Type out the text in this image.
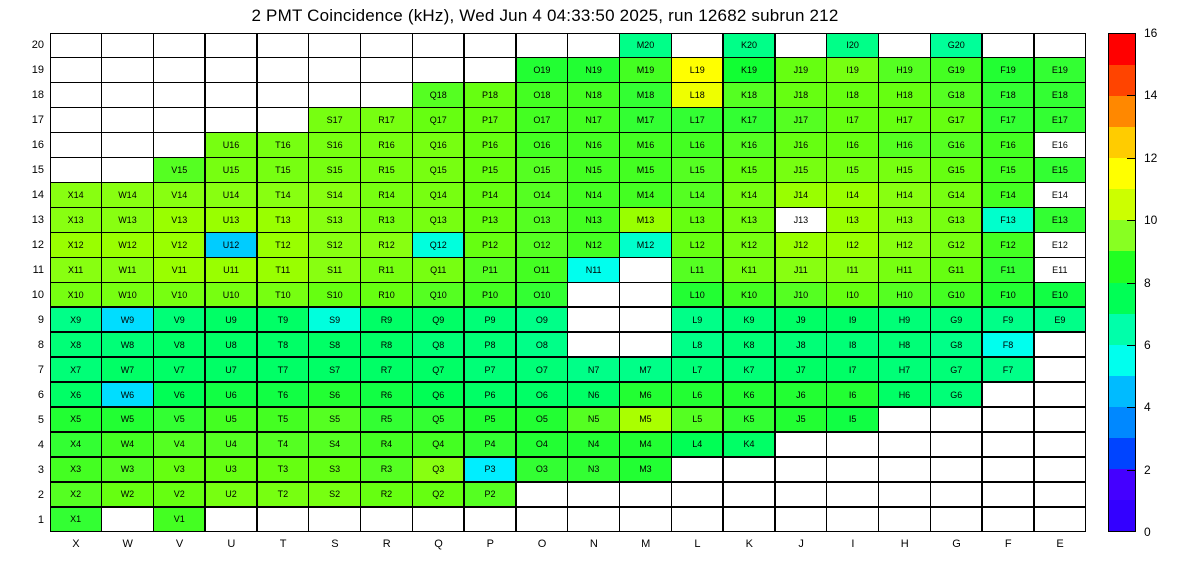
2 PMT Coincidence (kHz), Wed Jun 4 04:33:50 2025, run 12682 subrun 212
20
19
18
17
16
15
14
13
12
11
10
9
8
7
6
5
4
3
2
1
M20	K20	I20	G20
O19	N19	M19	L19	K19	J19	I19	H19	G19	F19	E19
Q18	P18	O18	N18	M18	L18	K18	J18	I18	H18	G18	F18	E18
S17	R17	Q17	P17	O17	N17	M17	L17	K17	J17	I17	H17	G17	F17	E17
U16	T16	S16	R16	Q16	P16	O16	N16	M16	L16	K16	J16	I16	H16	G16	F16	E16
V15	U15	T15	S15	R15	Q15	P15	O15	N15	M15	L15	K15	J15	I15	H15	G15	F15	E15
X14	W14	V14	U14	T14	S14	R14	Q14	P14	O14	N14	M14	L14	K14	J14	I14	H14	G14	F14	E14
X13	W13	V13	U13	T13	S13	R13	Q13	P13	O13	N13	M13	L13	K13	J13	I13	H13	G13	F13	E13
X12	W12	V12	U12	T12	S12	R12	Q12	P12	O12	N12	M12	L12	K12	J12	I12	H12	G12	F12	E12
X11	W11	V11	U11	T11	S11	R11	Q11	P11	O11	N11	L11	K11	J11	I11	H11	G11	F11	E11
X10	W10	V10	U10	T10	S10	R10	Q10	P10	O10	L10	K10	J10	I10	H10	G10	F10	E10
X9	W9	V9	U9	T9	S9	R9	Q9	P9	O9	L9	K9	J9	I9	H9	G9	F9	E9
X8	W8	V8	U8	T8	S8	R8	Q8	P8	O8	L8	K8	J8	I8	H8	G8	F8
X7	W7	V7	U7	T7	S7	R7	Q7	P7	O7	N7	M7	L7	K7	J7	I7	H7	G7	F7
X6	W6	V6	U6	T6	S6	R6	Q6	P6	O6	N6	M6	L6	K6	J6	I6	H6	G6
X5	W5	V5	U5	T5	S5	R5	Q5	P5	O5	N5	M5	L5	K5	J5	I5
X4	W4	V4	U4	T4	S4	R4	Q4	P4	O4	N4	M4	L4	K4
X3	W3	V3	U3	T3	S3	R3	Q3	P3	O3	N3	M3
X2	W2	V2	U2	T2	S2	R2	Q2	P2
X1	V1
X	W	V	U	T	S	R	Q	P	O	N	M	L	K	J	I	H	G	F	E
0
2
4
6
8
10
12
14
16
